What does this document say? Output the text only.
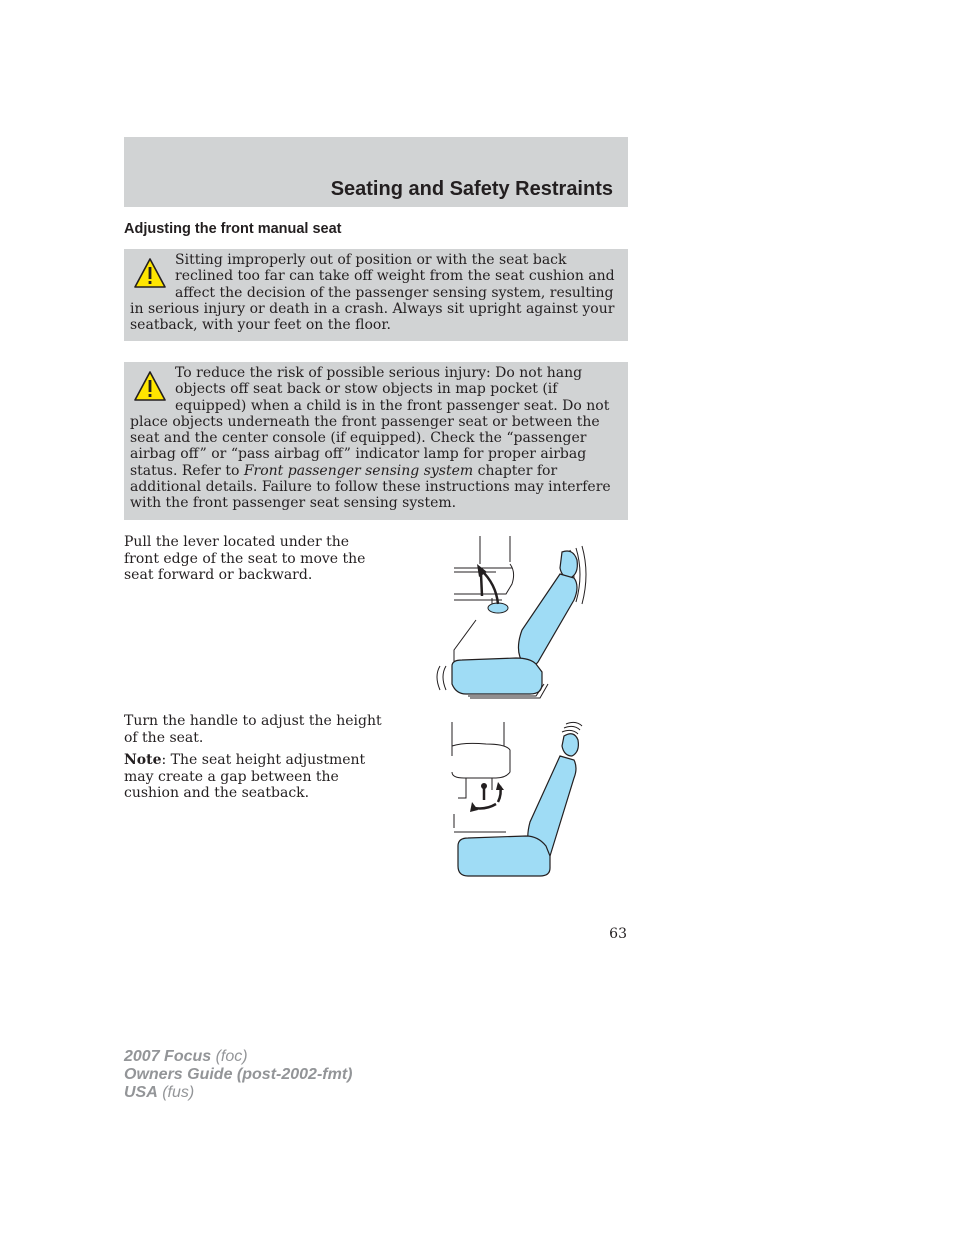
Seating and Safety Restraints
Adjusting the front manual seat

Sitting improperly out of position or with the seat back reclined too far can take off weight from the seat cushion and affect the decision of the passenger sensing system, resulting in serious injury or death in a crash. Always sit upright against your seatback, with your feet on the floor.

To reduce the risk of possible serious injury: Do not hang objects off seat back or stow objects in map pocket (if equipped) when a child is in the front passenger seat. Do not place objects underneath the front passenger seat or between the seat and the center console (if equipped). Check the “passenger airbag off” or “pass airbag off” indicator lamp for proper airbag status. Refer to Front passenger sensing system chapter for additional details. Failure to follow these instructions may interfere with the front passenger seat sensing system.

Pull the lever located under the front edge of the seat to move the seat forward or backward.

Turn the handle to adjust the height of the seat.

Note: The seat height adjustment may create a gap between the cushion and the seatback.

63
2007 Focus (foc)
Owners Guide (post-2002-fmt)
USA (fus)
